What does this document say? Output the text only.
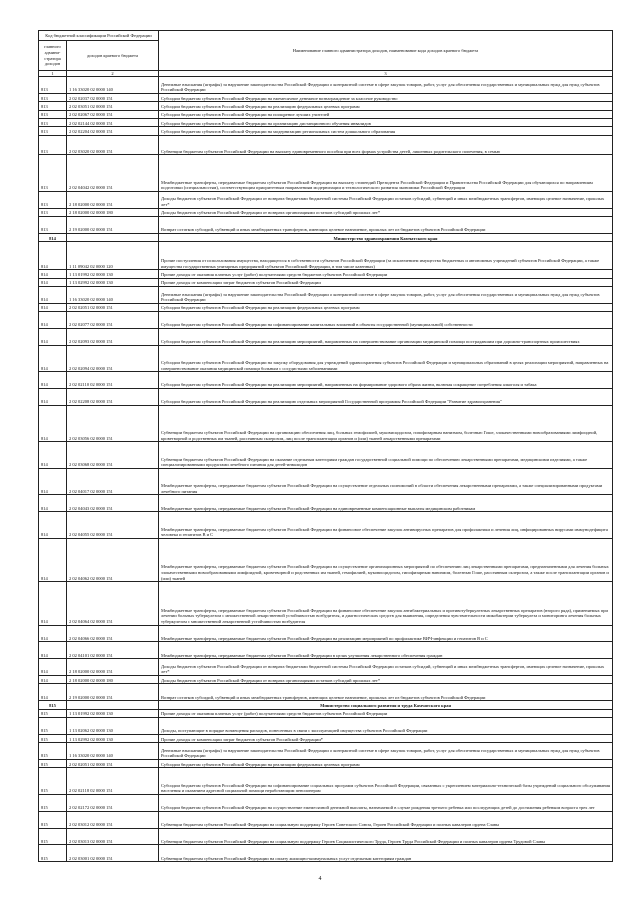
Код бюджетной классификации Российской Федерации		Наименование главного администратора доходов, наименование кода доходов краевого бюджета
главного админи-стратора доходов	доходов краевого бюджета	
1	2	3
813	1 16 33020 02 0000 140	Денежные взыскания (штрафы) за нарушение законодательства Российской Федерации о контрактной системе в сфере закупок товаров, работ, услуг для обеспечения государственных и муниципальных нужд для нужд субъектов Российской Федерации
813	2 02 02037 02 0000 151	Субсидии бюджетам субъектов Российской Федерации на ежемесячное денежное вознаграждение за классное руководство
813	2 02 03051 02 0000 151	Субсидии бюджетам субъектов Российской Федерации на реализацию федеральных целевых программ
813	2 02 02067 02 0000 151	Субсидии бюджетам субъектов Российской Федерации на поощрение лучших учителей
813	2 02 02144 02 0000 151	Субсидии бюджетам субъектов Российской Федерации на организацию дистанционного обучения инвалидов
813	2 02 02204 02 0000 151	Субсидии бюджетам субъектов Российской Федерации на модернизацию региональных систем дошкольного образования
813	2 02 03020 02 0000 151	Субвенции бюджетам субъектов Российской Федерации на выплату единовременного пособия при всех формах устройства детей, лишенных родительского попечения, в семью
813	2 02 04042 02 0000 151	Межбюджетные трансферты, передаваемые бюджетам субъектов Российской Федерации на выплату стипендий Президента Российской Федерации и Правительства Российской Федерации для обучающихся по направлениям подготовки (специальностям), соответствующим приоритетным направлениям модернизации и технологического развития экономики Российской Федерации
813	2 18 02000 02 0000 151	Доходы бюджетов субъектов Российской Федерации от возврата бюджетами бюджетной системы Российской Федерации остатков субсидий, субвенций и иных межбюджетных трансфертов, имеющих целевое назначение, прошлых лет*
813	2 18 02000 02 0000 180	Доходы бюджетов субъектов Российской Федерации от возврата организациями остатков субсидий прошлых лет*
813	2 19 02000 02 0000 151	Возврат остатков субсидий, субвенций и иных межбюджетных трансфертов, имеющих целевое назначение, прошлых лет из бюджетов субъектов Российской Федерации
814		Министерство здравоохранения Камчатского края
814	1 11 09042 02 0000 120	Прочие поступления от использования имущества, находящегося в собственности субъектов Российской Федерации (за исключением имущества бюджетных и автономных учреждений субъектов Российской Федерации, а также имущества государственных унитарных предприятий субъектов Российской Федерации, в том числе казенных)
814	1 13 01992 02 0000 130	Прочие доходы от оказания платных услуг (работ) получателями средств бюджетов субъектов Российской Федерации
814	1 13 02992 02 0000 130	Прочие доходы от компенсации затрат бюджетов субъектов Российской Федерации
814	1 16 33020 02 0000 140	Денежные взыскания (штрафы) за нарушение законодательства Российской Федерации о контрактной системе в сфере закупок товаров, работ, услуг для обеспечения государственных и муниципальных нужд для нужд субъектов Российской Федерации
814	2 02 02051 02 0000 151	Субсидии бюджетам субъектов Российской Федерации на реализацию федеральных целевых программ
814	2 02 02077 02 0000 151	Субсидии бюджетам субъектов Российской Федерации на софинансирование капитальных вложений в объекты государственной (муниципальной) собственности
814	2 02 02093 02 0000 151	Субсидии бюджетам субъектов Российской Федерации на реализацию мероприятий, направленных на совершенствование организации медицинской помощи пострадавшим при дорожно-транспортных происшествиях
814	2 02 02094 02 0000 151	Субсидии бюджетам субъектов Российской Федерации на закупку оборудования для учреждений здравоохранения субъектов Российской Федерации и муниципальных образований в целях реализации мероприятий, направленных на совершенствование оказания медицинской помощи больным с сосудистыми заболеваниями
814	2 02 02110 02 0000 151	Субсидии бюджетам субъектов Российской Федерации на реализацию мероприятий, направленных на формирование здорового образа жизни, включая сокращение потребления алкоголя и табака
814	2 02 02208 02 0000 151	Субсидии бюджетам субъектов Российской Федерации на реализацию отдельных мероприятий Государственной программы Российской Федерации "Развитие здравоохранения"
814	2 02 03056 02 0000 151	Субвенции бюджетам субъектов Российской Федерации на организацию обеспечения лиц, больных гемофилией, муковисцидозом, гипофизарным нанизмом, болезнью Гоше, злокачественными новообразованиями лимфоидной, кроветворной и родственных им тканей, рассеянным склерозом, лиц после трансплантации органов и (или) тканей лекарственными препаратами
814	2 02 03068 02 0000 151	Субвенции бюджетам субъектов Российской Федерации на оказание отдельным категориям граждан государственной социальной помощи по обеспечению лекарственными препаратами, медицинскими изделиями, а также специализированными продуктами лечебного питания для детей-инвалидов
814	2 02 04017 02 0000 151	Межбюджетные трансферты, передаваемые бюджетам субъектов Российской Федерации на осуществление отдельных полномочий в области обеспечения лекарственными препаратами, а также специализированными продуктами лечебного питания
814	2 02 04043 02 0000 151	Межбюджетные трансферты, передаваемые бюджетам субъектов Российской Федерации на единовременные компенсационные выплаты медицинским работникам
814	2 02 04055 02 0000 151	Межбюджетные трансферты, передаваемые бюджетам субъектов Российской Федерации на финансовое обеспечение закупок антивирусных препаратов для профилактики и лечения лиц, инфицированных вирусами иммунодефицита человека и гепатитов В и С
814	2 02 04062 02 0000 151	Межбюджетные трансферты, передаваемые бюджетам субъектов Российской Федерации на осуществление организационных мероприятий по обеспечению лиц лекарственными препаратами, предназначенными для лечения больных злокачественными новообразованиями лимфоидной, кроветворной и родственных им тканей, гемофилией, муковисцидозом, гипофизарным нанизмом, болезнью Гоше, рассеянным склерозом, а также после трансплантации органов и (или) тканей
814	2 02 04064 02 0000 151	Межбюджетные трансферты, передаваемые бюджетам субъектов Российской Федерации на финансовое обеспечение закупок антибактериальных и противотуберкулезных лекарственных препаратов (второго ряда), применяемых при лечении больных туберкулезом с множественной лекарственной устойчивостью возбудителя, и диагностических средств для выявления, определения чувствительности микобактерии туберкулеза и мониторинга лечения больных туберкулезом с множественной лекарственной устойчивостью возбудителя
814	2 02 04066 02 0000 151	Межбюджетные трансферты, передаваемые бюджетам субъектов Российской Федерации на реализацию мероприятий по профилактике ВИЧ-инфекции и гепатитов В и С
814	2 02 04101 02 0000 151	Межбюджетные трансферты, передаваемые бюджетам субъектов Российской Федерации в целях улучшения лекарственного обеспечения граждан
814	2 18 02000 02 0000 151	Доходы бюджетов субъектов Российской Федерации от возврата бюджетами бюджетной системы Российской Федерации остатков субсидий, субвенций и иных межбюджетных трансфертов, имеющих целевое назначение, прошлых лет*
814	2 18 02000 02 0000 180	Доходы бюджетов субъектов Российской Федерации от возврата организациями остатков субсидий прошлых лет*
814	2 19 02000 02 0000 151	Возврат остатков субсидий, субвенций и иных межбюджетных трансфертов, имеющих целевое назначение, прошлых лет из бюджетов субъектов Российской Федерации
815		Министерство социального развития и труда Камчатского края
815	1 13 01992 02 0000 130	Прочие доходы от оказания платных услуг (работ) получателями средств бюджетов субъектов Российской Федерации
815	1 13 02062 02 0000 130	Доходы, поступающие в порядке возмещения расходов, понесенных в связи с эксплуатацией имущества субъектов Российской Федерации
815	1 13 02992 02 0000 130	Прочие доходы от компенсации затрат бюджетов субъектов Российской Федерации*
815	1 16 33020 02 0000 140	Денежные взыскания (штрафы) за нарушение законодательства Российской Федерации о контрактной системе в сфере закупок товаров, работ, услуг для обеспечения государственных и муниципальных нужд для нужд субъектов Российской Федерации
815	2 02 02051 02 0000 151	Субсидии бюджетам субъектов Российской Федерации на реализацию федеральных целевых программ
815	2 02 02118 02 0000 151	Субсидии бюджетам субъектов Российской Федерации на софинансирование социальных программ субъектов Российской Федерации, связанных с укреплением материально-технической базы учреждений социального обслуживания населения и оказанием адресной социальной помощи неработающим пенсионерам
815	2 02 02172 02 0000 151	Субсидии бюджетам субъектов Российской Федерации на осуществление ежемесячной денежной выплаты, назначаемой в случае рождения третьего ребенка или последующих детей до достижения ребенком возраста трех лет
815	2 02 03012 02 0000 151	Субвенции бюджетам субъектов Российской Федерации на социальную поддержку Героев Советского Союза, Героев Российской Федерации и полных кавалеров ордена Славы
815	2 02 03013 02 0000 151	Субвенции бюджетам субъектов Российской Федерации на социальную поддержку Героев Социалистического Труда, Героев Труда Российской Федерации и полных кавалеров ордена Трудовой Славы
815	2 02 03001 02 0000 151	Субвенции бюджетам субъектов Российской Федерации на оплату жилищно-коммунальных услуг отдельным категориям граждан
4
